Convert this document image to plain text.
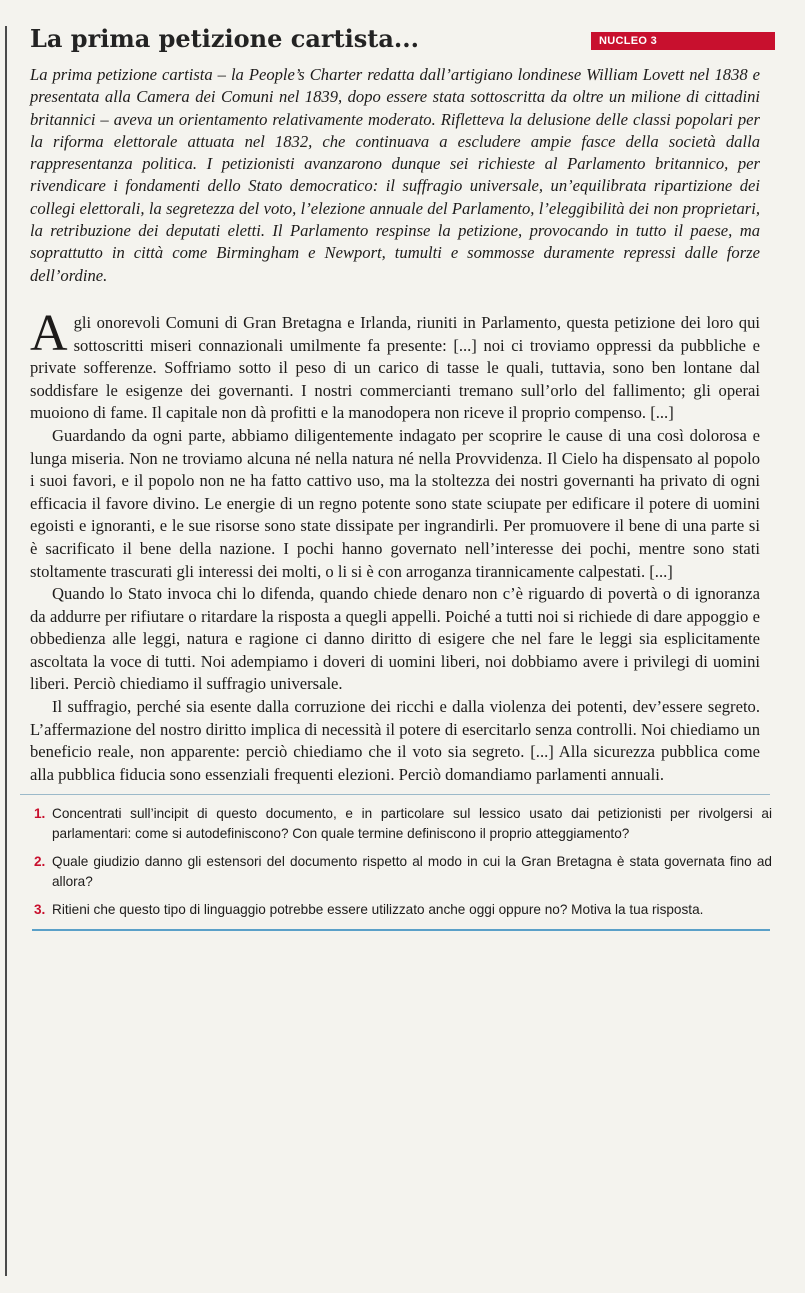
La prima petizione cartista...	NUCLEO 3

La prima petizione cartista – la People’s Charter redatta dall’artigiano londinese William Lovett nel 1838 e presentata alla Camera dei Comuni nel 1839, dopo essere stata sottoscritta da oltre un milione di cittadini britannici – aveva un orientamento relativamente moderato. Rifletteva la delusione delle classi popolari per la riforma elettorale attuata nel 1832, che continuava a escludere ampie fasce della società dalla rappresentanza politica. I petizionisti avanzarono dunque sei richieste al Parlamento britannico, per rivendicare i fondamenti dello Stato democratico: il suffragio universale, un’equilibrata ripartizione dei collegi elettorali, la segretezza del voto, l’elezione annuale del Parlamento, l’eleggibilità dei non proprietari, la retribuzione dei deputati eletti. Il Parlamento respinse la petizione, provocando in tutto il paese, ma soprattutto in città come Birmingham e Newport, tumulti e sommosse duramente repressi dalle forze dell’ordine.

Agli onorevoli Comuni di Gran Bretagna e Irlanda, riuniti in Parlamento, questa petizione dei loro qui sottoscritti miseri connazionali umilmente fa presente: [...] noi ci troviamo oppressi da pubbliche e private sofferenze. Soffriamo sotto il peso di un carico di tasse le quali, tuttavia, sono ben lontane dal soddisfare le esigenze dei governanti. I nostri commercianti tremano sull’orlo del fallimento; gli operai muoiono di fame. Il capitale non dà profitti e la manodopera non riceve il proprio compenso. [...]

Guardando da ogni parte, abbiamo diligentemente indagato per scoprire le cause di una così dolorosa e lunga miseria. Non ne troviamo alcuna né nella natura né nella Provvidenza. Il Cielo ha dispensato al popolo i suoi favori, e il popolo non ne ha fatto cattivo uso, ma la stoltezza dei nostri governanti ha privato di ogni efficacia il favore divino. Le energie di un regno potente sono state sciupate per edificare il potere di uomini egoisti e ignoranti, e le sue risorse sono state dissipate per ingrandirli. Per promuovere il bene di una parte si è sacrificato il bene della nazione. I pochi hanno governato nell’interesse dei pochi, mentre sono stati stoltamente trascurati gli interessi dei molti, o li si è con arroganza tirannicamente calpestati. [...]

Quando lo Stato invoca chi lo difenda, quando chiede denaro non c’è riguardo di povertà o di ignoranza da addurre per rifiutare o ritardare la risposta a quegli appelli. Poiché a tutti noi si richiede di dare appoggio e obbedienza alle leggi, natura e ragione ci danno diritto di esigere che nel fare le leggi sia esplicitamente ascoltata la voce di tutti. Noi adempiamo i doveri di uomini liberi, noi dobbiamo avere i privilegi di uomini liberi. Perciò chiediamo il suffragio universale.

Il suffragio, perché sia esente dalla corruzione dei ricchi e dalla violenza dei potenti, dev’essere segreto. L’affermazione del nostro diritto implica di necessità il potere di esercitarlo senza controlli. Noi chiediamo un beneficio reale, non apparente: perciò chiediamo che il voto sia segreto. [...] Alla sicurezza pubblica come alla pubblica fiducia sono essenziali frequenti elezioni. Perciò domandiamo parlamenti annuali.

1. Concentrati sull’incipit di questo documento, e in particolare sul lessico usato dai petizionisti per rivolgersi ai parlamentari: come si autodefiniscono? Con quale termine definiscono il proprio atteggiamento?
2. Quale giudizio danno gli estensori del documento rispetto al modo in cui la Gran Bretagna è stata governata fino ad allora?
3. Ritieni che questo tipo di linguaggio potrebbe essere utilizzato anche oggi oppure no? Motiva la tua risposta.
